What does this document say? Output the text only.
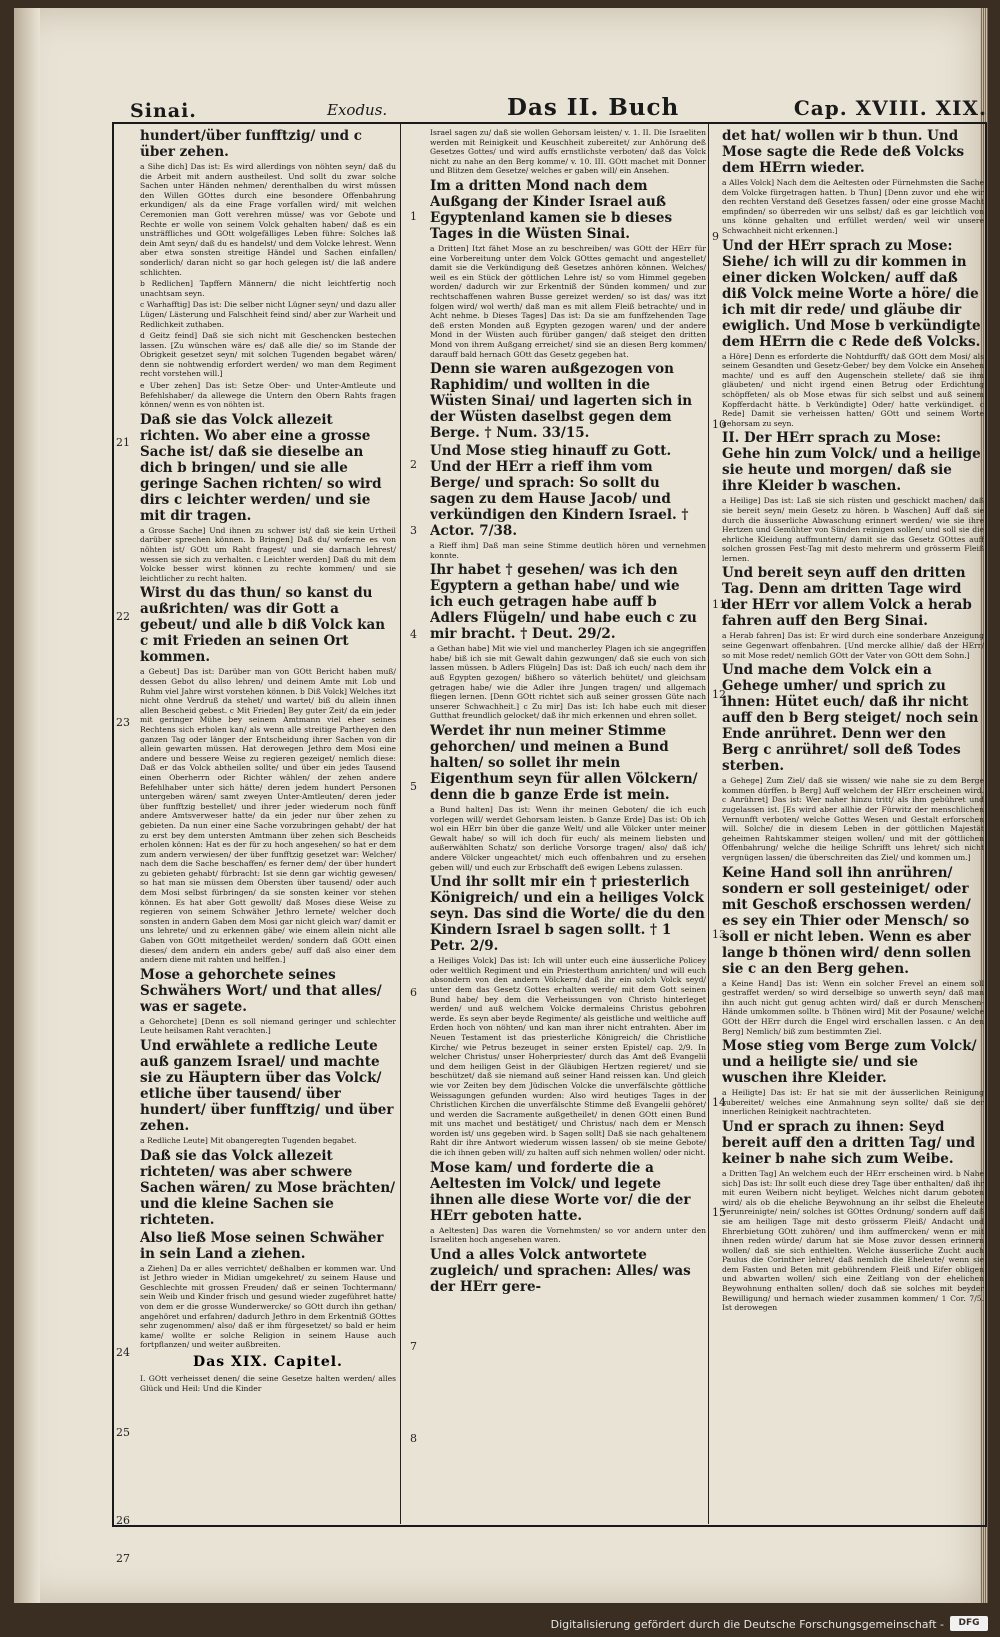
Sinai.	Exodus.	Das II. Buch	Cap. XVIII. XIX.
21
22
23
24
25
26
27
1
2
3
4
5
6
7
8
9
10
11
12
13
14
15
hundert/über funfftzig/ und c über zehen.
a Sihe dich] Das ist: Es wird allerdings von nöhten seyn/ daß du die Arbeit mit andern austheilest. Und sollt du zwar solche Sachen unter Händen nehmen/ derenthalben du wirst müssen den Willen GOttes durch eine besondere Offenbahrung erkundigen/ als da eine Frage vorfallen wird/ mit welchen Ceremonien man Gott verehren müsse/ was vor Gebote und Rechte er wolle von seinem Volck gehalten haben/ daß es ein unsträffliches und GOtt wolgefälliges Leben führe: Solches laß dein Amt seyn/ daß du es handelst/ und dem Volcke lehrest. Wenn aber etwa sonsten streitige Händel und Sachen einfallen/ sonderlich/ daran nicht so gar hoch gelegen ist/ die laß andere schlichten.
b Redlichen] Tapffern Männern/ die nicht leichtfertig noch unachtsam seyn.
c Warhafftig] Das ist: Die selber nicht Lügner seyn/ und dazu aller Lügen/ Lästerung und Falschheit feind sind/ aber zur Warheit und Redlichkeit zuthaben.
d Geitz feind] Daß sie sich nicht mit Geschencken bestechen lassen. [Zu wünschen wäre es/ daß alle die/ so im Stande der Obrigkeit gesetzet seyn/ mit solchen Tugenden begabet wären/ denn sie nohtwendig erfordert werden/ wo man dem Regiment recht vorstehen will.]
e Uber zehen] Das ist: Setze Ober- und Unter-Amtleute und Befehlshaber/ da allewege die Untern den Obern Rahts fragen können/ wenn es von nöhten ist.
Daß sie das Volck allezeit richten. Wo aber eine a grosse Sache ist/ daß sie dieselbe an dich b bringen/ und sie alle geringe Sachen richten/ so wird dirs c leichter werden/ und sie mit dir tragen.
a Grosse Sache] Und ihnen zu schwer ist/ daß sie kein Urtheil darüber sprechen können. b Bringen] Daß du/ woferne es von nöhten ist/ GOtt um Raht fragest/ und sie darnach lehrest/ wessen sie sich zu verhalten. c Leichter werden] Daß du mit dem Volcke besser wirst können zu rechte kommen/ und sie leichtlicher zu recht halten.
Wirst du das thun/ so kanst du außrichten/ was dir Gott a gebeut/ und alle b diß Volck kan c mit Frieden an seinen Ort kommen.
a Gebeut] Das ist: Darüber man von GOtt Bericht haben muß/ dessen Gebot du allso lehren/ und deinem Amte mit Lob und Ruhm viel Jahre wirst vorstehen können. b Diß Volck] Welches itzt nicht ohne Verdruß da stehet/ und wartet/ biß du allein ihnen allen Bescheid gebest. c Mit Frieden] Bey guter Zeit/ da ein jeder mit geringer Mühe bey seinem Amtmann viel eher seines Rechtens sich erholen kan/ als wenn alle streitige Partheyen den ganzen Tag oder länger der Entscheidung ihrer Sachen von dir allein gewarten müssen. Hat derowegen Jethro dem Mosi eine andere und bessere Weise zu regieren gezeiget/ nemlich diese: Daß er das Volck abtheilen sollte/ und über ein jedes Tausend einen Oberherrn oder Richter wählen/ der zehen andere Befehlhaber unter sich hätte/ deren jedem hundert Personen untergeben wären/ samt zweyen Unter-Amtleuten/ deren jeder über funfftzig bestellet/ und ihrer jeder wiederum noch fünff andere Amtsverweser hatte/ da ein jeder nur über zehen zu gebieten. Da nun einer eine Sache vorzubringen gehabt/ der hat zu erst bey dem untersten Amtmann über zehen sich Bescheids erholen können: Hat es der für zu hoch angesehen/ so hat er dem zum andern verwiesen/ der über funfftzig gesetzet war: Welcher/ nach dem die Sache beschaffen/ es ferner dem/ der über hundert zu gebieten gehabt/ fürbracht: Ist sie denn gar wichtig gewesen/ so hat man sie müssen dem Obersten über tausend/ oder auch dem Mosi selbst fürbringen/ da sie sonsten keiner vor stehen können. Es hat aber Gott gewollt/ daß Moses diese Weise zu regieren von seinem Schwäher Jethro lernete/ welcher doch sonsten in andern Gaben dem Mosi gar nicht gleich war/ damit er uns lehrete/ und zu erkennen gäbe/ wie einem allein nicht alle Gaben von GOtt mitgetheilet werden/ sondern daß GOtt einen dieses/ dem andern ein anders gebe/ auff daß also einer dem andern diene mit rahten und helffen.]
Mose a gehorchete seines Schwähers Wort/ und that alles/ was er sagete.
a Gehorchete] [Denn es soll niemand geringer und schlechter Leute heilsamen Raht verachten.]
Und erwählete a redliche Leute auß ganzem Israel/ und machte sie zu Häuptern über das Volck/ etliche über tausend/ über hundert/ über funfftzig/ und über zehen.
a Redliche Leute] Mit obangeregten Tugenden begabet.
Daß sie das Volck allezeit richteten/ was aber schwere Sachen wären/ zu Mose brächten/ und die kleine Sachen sie richteten.
Also ließ Mose seinen Schwäher in sein Land a ziehen.
a Ziehen] Da er alles verrichtet/ deßhalben er kommen war. Und ist Jethro wieder in Midian umgekehret/ zu seinem Hause und Geschlechte mit grossen Freuden/ daß er seinen Tochtermann/ sein Weib und Kinder frisch und gesund wieder zugeführet hatte/ von dem er die grosse Wunderwercke/ so GOtt durch ihn gethan/ angehöret und erfahren/ dadurch Jethro in dem Erkentniß GOttes sehr zugenommen/ also/ daß er ihm fürgesetzet/ so bald er heim kame/ wollte er solche Religion in seinem Hause auch fortpflanzen/ und weiter außbreiten.
Das XIX. Capitel.
I. GOtt verheisset denen/ die seine Gesetze halten werden/ alles Glück und Heil: Und die Kinder
Israel sagen zu/ daß sie wollen Gehorsam leisten/ v. 1. II. Die Israeliten werden mit Reinigkeit und Keuschheit zubereitet/ zur Anhörung deß Gesetzes Gottes/ und wird auffs ernstlichste verboten/ daß das Volck nicht zu nahe an den Berg komme/ v. 10. III. GOtt machet mit Donner und Blitzen dem Gesetze/ welches er gaben will/ ein Ansehen.
Im a dritten Mond nach dem Außgang der Kinder Israel auß Egyptenland kamen sie b dieses Tages in die Wüsten Sinai.
a Dritten] Itzt fähet Mose an zu beschreiben/ was GOtt der HErr für eine Vorbereitung unter dem Volck GOttes gemacht und angestellet/ damit sie die Verkündigung deß Gesetzes anhören können. Welches/ weil es ein Stück der göttlichen Lehre ist/ so vom Himmel gegeben worden/ dadurch wir zur Erkentniß der Sünden kommen/ und zur rechtschaffenen wahren Busse gereizet werden/ so ist das/ was itzt folgen wird/ wol werth/ daß man es mit allem Fleiß betrachte/ und in Acht nehme. b Dieses Tages] Das ist: Da sie am funffzehenden Tage deß ersten Monden auß Egypten gezogen waren/ und der andere Mond in der Wüsten auch fürüber gangen/ daß steiget den dritten Mond von ihrem Außgang erreichet/ sind sie an diesen Berg kommen/ darauff bald hernach GOtt das Gesetz gegeben hat.
Denn sie waren außgezogen von Raphidim/ und wollten in die Wüsten Sinai/ und lagerten sich in der Wüsten daselbst gegen dem Berge. † Num. 33/15.
Und Mose stieg hinauff zu Gott. Und der HErr a rieff ihm vom Berge/ und sprach: So sollt du sagen zu dem Hause Jacob/ und verkündigen den Kindern Israel. † Actor. 7/38.
a Rieff ihm] Daß man seine Stimme deutlich hören und vernehmen konnte.
Ihr habet † gesehen/ was ich den Egyptern a gethan habe/ und wie ich euch getragen habe auff b Adlers Flügeln/ und habe euch c zu mir bracht. † Deut. 29/2.
a Gethan habe] Mit wie viel und mancherley Plagen ich sie angegriffen habe/ biß ich sie mit Gewalt dahin gezwungen/ daß sie euch von sich lassen müssen. b Adlers Flügeln] Das ist: Daß ich euch/ nach dem ihr auß Egypten gezogen/ bißhero so väterlich behütet/ und gleichsam getragen habe/ wie die Adler ihre Jungen tragen/ und allgemach fliegen lernen. [Denn GOtt richtet sich auß seiner grossen Güte nach unserer Schwachheit.] c Zu mir] Das ist: Ich habe euch mit dieser Gutthat freundlich gelocket/ daß ihr mich erkennen und ehren sollet.
Werdet ihr nun meiner Stimme gehorchen/ und meinen a Bund halten/ so sollet ihr mein Eigenthum seyn für allen Völckern/ denn die b ganze Erde ist mein.
a Bund halten] Das ist: Wenn ihr meinen Geboten/ die ich euch vorlegen will/ werdet Gehorsam leisten. b Ganze Erde] Das ist: Ob ich wol ein HErr bin über die ganze Welt/ und alle Völcker unter meiner Gewalt habe/ so will ich doch für euch/ als meinem liebsten und außerwählten Schatz/ son derliche Vorsorge tragen/ also/ daß ich/ andere Völcker ungeachtet/ mich euch offenbahren und zu ersehen geben will/ und euch zur Erbschafft deß ewigen Lebens zulassen.
Und ihr sollt mir ein † priesterlich Königreich/ und ein a heiliges Volck seyn. Das sind die Worte/ die du den Kindern Israel b sagen sollt. † 1 Petr. 2/9.
a Heiliges Volck] Das ist: Ich will unter euch eine äusserliche Policey oder weltlich Regiment und ein Priesterthum anrichten/ und will euch absondern von den andern Völckern/ daß ihr ein solch Volck seyd/ unter dem das Gesetz Gottes erhalten werde/ mit dem Gott seinen Bund habe/ bey dem die Verheissungen von Christo hinterleget werden/ und auß welchem Volcke dermaleins Christus gebohren werde. Es seyn aber beyde Regimente/ als geistliche und weltliche auff Erden hoch von nöhten/ und kan man ihrer nicht entrahten. Aber im Neuen Testament ist das priesterliche Königreich/ die Christliche Kirche/ wie Petrus bezeuget in seiner ersten Epistel/ cap. 2/9. In welcher Christus/ unser Hoherpriester/ durch das Amt deß Evangelii und dem heiligen Geist in der Gläubigen Hertzen regieret/ und sie beschützet/ daß sie niemand auß seiner Hand reissen kan. Und gleich wie vor Zeiten bey dem Jüdischen Volcke die unverfälschte göttliche Weissagungen gefunden wurden: Also wird heutiges Tages in der Christlichen Kirchen die unverfälschte Stimme deß Evangelii gehöret/ und werden die Sacramente außgetheilet/ in denen GOtt einen Bund mit uns machet und bestätiget/ und Christus/ nach dem er Mensch worden ist/ uns gegeben wird. b Sagen sollt] Daß sie nach gehaltenem Raht dir ihre Antwort wiederum wissen lassen/ ob sie meine Gebote/ die ich ihnen geben will/ zu halten auff sich nehmen wollen/ oder nicht.
Mose kam/ und forderte die a Aeltesten im Volck/ und legete ihnen alle diese Worte vor/ die der HErr geboten hatte.
a Aeltesten] Das waren die Vornehmsten/ so vor andern unter den Israeliten hoch angesehen waren.
Und a alles Volck antwortete zugleich/ und sprachen: Alles/ was der HErr gere-
det hat/ wollen wir b thun. Und Mose sagte die Rede deß Volcks dem HErrn wieder.
a Alles Volck] Nach dem die Aeltesten oder Fürnehmsten die Sache dem Volcke fürgetragen hatten. b Thun] [Denn zuvor und ehe wir den rechten Verstand deß Gesetzes fassen/ oder eine grosse Macht empfinden/ so überreden wir uns selbst/ daß es gar leichtlich von uns könne gehalten und erfüllet werden/ weil wir unsere Schwachheit nicht erkennen.]
Und der HErr sprach zu Mose: Siehe/ ich will zu dir kommen in einer dicken Wolcken/ auff daß diß Volck meine Worte a höre/ die ich mit dir rede/ und gläube dir ewiglich. Und Mose b verkündigte dem HErrn die c Rede deß Volcks.
a Höre] Denn es erforderte die Nohtdurfft/ daß GOtt dem Mosi/ als seinem Gesandten und Gesetz-Geber/ bey dem Volcke ein Ansehen machte/ und es auff den Augenschein stellete/ daß sie ihm gläubeten/ und nicht irgend einen Betrug oder Erdichtung schöpffeten/ als ob Mose etwas für sich selbst und auß seinem Kopfferdacht hätte. b Verkündigte] Oder/ hatte verkündiget. c Rede] Damit sie verheissen hatten/ GOtt und seinem Worte gehorsam zu seyn.
II. Der HErr sprach zu Mose: Gehe hin zum Volck/ und a heilige sie heute und morgen/ daß sie ihre Kleider b waschen.
a Heilige] Das ist: Laß sie sich rüsten und geschickt machen/ daß sie bereit seyn/ mein Gesetz zu hören. b Waschen] Auff daß sie durch die äusserliche Abwaschung erinnert werden/ wie sie ihre Hertzen und Gemühter von Sünden reinigen sollen/ und soll sie die ehrliche Kleidung auffmuntern/ damit sie das Gesetz GOttes auff solchen grossen Fest-Tag mit desto mehrerm und grösserm Fleiß lernen.
Und bereit seyn auff den dritten Tag. Denn am dritten Tage wird der HErr vor allem Volck a herab fahren auff den Berg Sinai.
a Herab fahren] Das ist: Er wird durch eine sonderbare Anzeigung seine Gegenwart offenbahren. [Und mercke allhie/ daß der HErr/ so mit Mose redet/ nemlich GOtt der Vater von GOtt dem Sohn.]
Und mache dem Volck ein a Gehege umher/ und sprich zu ihnen: Hütet euch/ daß ihr nicht auff den b Berg steiget/ noch sein Ende anrühret. Denn wer den Berg c anrühret/ soll deß Todes sterben.
a Gehege] Zum Ziel/ daß sie wissen/ wie nahe sie zu dem Berge kommen dürffen. b Berg] Auff welchem der HErr erscheinen wird. c Anrühret] Das ist: Wer naher hinzu tritt/ als ihm gebühret und zugelassen ist. [Es wird aber allhie der Fürwitz der menschlichen Vernunfft verboten/ welche Gottes Wesen und Gestalt erforschen will. Solche/ die in diesem Leben in der göttlichen Majestät geheimen Rahtskammer steigen wollen/ und mit der göttlichen Offenbahrung/ welche die heilige Schrifft uns lehret/ sich nicht vergnügen lassen/ die überschreiten das Ziel/ und kommen um.]
Keine Hand soll ihn anrühren/ sondern er soll gesteiniget/ oder mit Geschoß erschossen werden/ es sey ein Thier oder Mensch/ so soll er nicht leben. Wenn es aber lange b thönen wird/ denn sollen sie c an den Berg gehen.
a Keine Hand] Das ist: Wenn ein solcher Frevel an einem soll gestraffet werden/ so wird derselbige so unwerth seyn/ daß man ihn auch nicht gut genug achten wird/ daß er durch Menschen-Hände umkommen sollte. b Thönen wird] Mit der Posaune/ welche GOtt der HErr durch die Engel wird erschallen lassen. c An den Berg] Nemlich/ biß zum bestimmten Ziel.
Mose stieg vom Berge zum Volck/ und a heiligte sie/ und sie wuschen ihre Kleider.
a Heiligte] Das ist: Er hat sie mit der äusserlichen Reinigung zubereitet/ welches eine Anmahnung seyn sollte/ daß sie der innerlichen Reinigkeit nachtrachteten.
Und er sprach zu ihnen: Seyd bereit auff den a dritten Tag/ und keiner b nahe sich zum Weibe.
a Dritten Tag] An welchem euch der HErr erscheinen wird. b Nahe sich] Das ist: Ihr sollt euch diese drey Tage über enthalten/ daß ihr mit euren Weibern nicht beyliget. Welches nicht darum geboten wird/ als ob die eheliche Beywohnung an ihr selbst die Eheleute verunreinigte/ nein/ solches ist GOttes Ordnung/ sondern auff daß sie am heiligen Tage mit desto grösserm Fleiß/ Andacht und Ehrerbietung GOtt zuhören/ und ihm auffmercken/ wenn er mit ihnen reden würde/ darum hat sie Mose zuvor dessen erinnern wollen/ daß sie sich enthielten. Welche äusserliche Zucht auch Paulus die Corinther lehret/ daß nemlich die Eheleute/ wenn sie dem Fasten und Beten mit gebührendem Fleiß und Eifer obligen und abwarten wollen/ sich eine Zeitlang von der ehelichen Beywohnung enthalten sollen/ doch daß sie solches mit beyder Bewilligung/ und hernach wieder zusammen kommen/ 1 Cor. 7/5. Ist derowegen
Digitalisierung gefördert durch die Deutsche Forschungsgemeinschaft -	DFG
